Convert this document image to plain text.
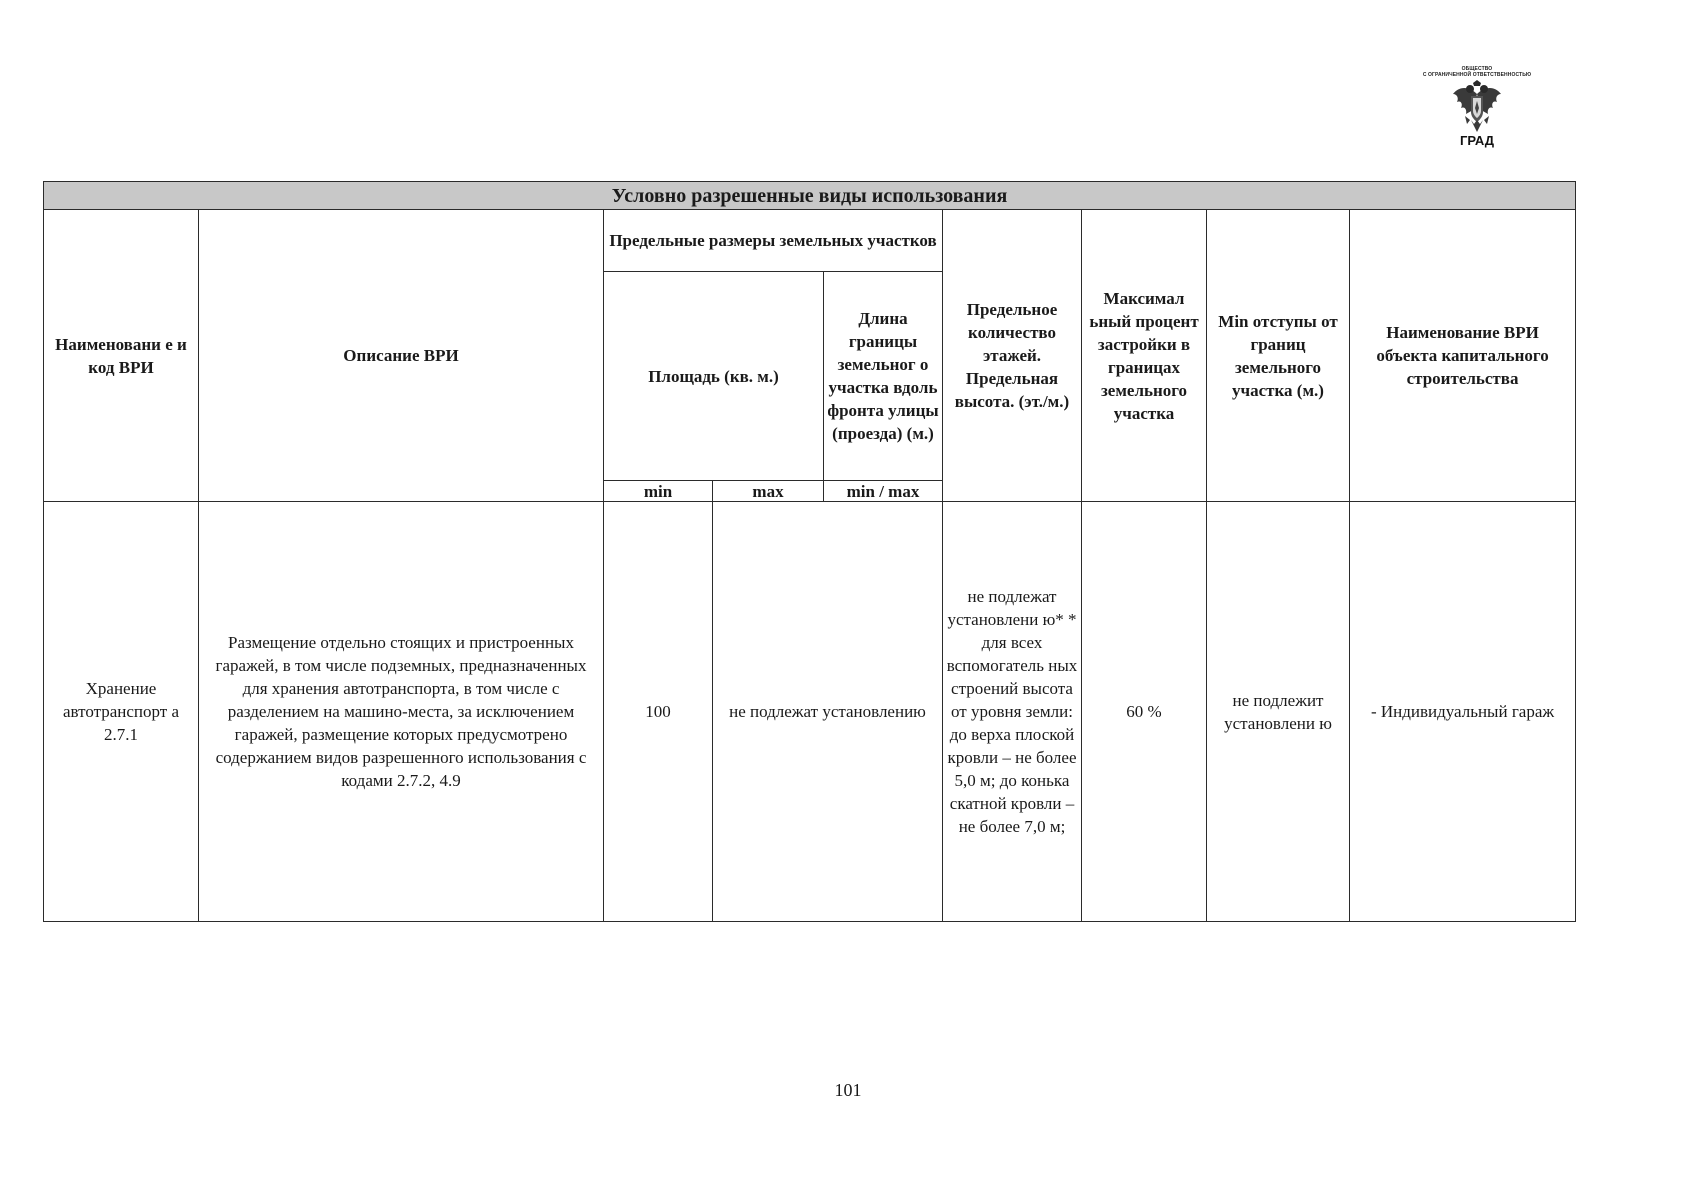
ОБЩЕСТВО
С ОГРАНИЧЕННОЙ ОТВЕТСТВЕННОСТЬЮ
ГРАД
Условно разрешенные виды использования								
Наименовани е и код ВРИ	Описание ВРИ	Предельные размеры земельных участков			Предельное количество этажей. Предельная высота. (эт./м.)	Максимал ьный процент застройки в границах земельного участка	Min отступы от границ земельного участка (м.)	Наименование ВРИ объекта капитального строительства
		Площадь (кв. м.)		Длина границы земельног о участка вдоль фронта улицы (проезда) (м.)				
		min	max	min / max				
Хранение автотранспорт а 2.7.1	Размещение отдельно стоящих и пристроенных гаражей, в том числе подземных, предназначенных для хранения автотранспорта, в том числе с разделением на машино-места, за исключением гаражей, размещение которых предусмотрено содержанием видов разрешенного использования с кодами 2.7.2, 4.9	100	не подлежат установлению		не подлежат установлени ю* * для всех вспомогатель ных строений высота от уровня земли: до верха плоской кровли – не более 5,0 м; до конька скатной кровли – не более 7,0 м;	60 %	не подлежит установлени ю	- Индивидуальный гараж
101
